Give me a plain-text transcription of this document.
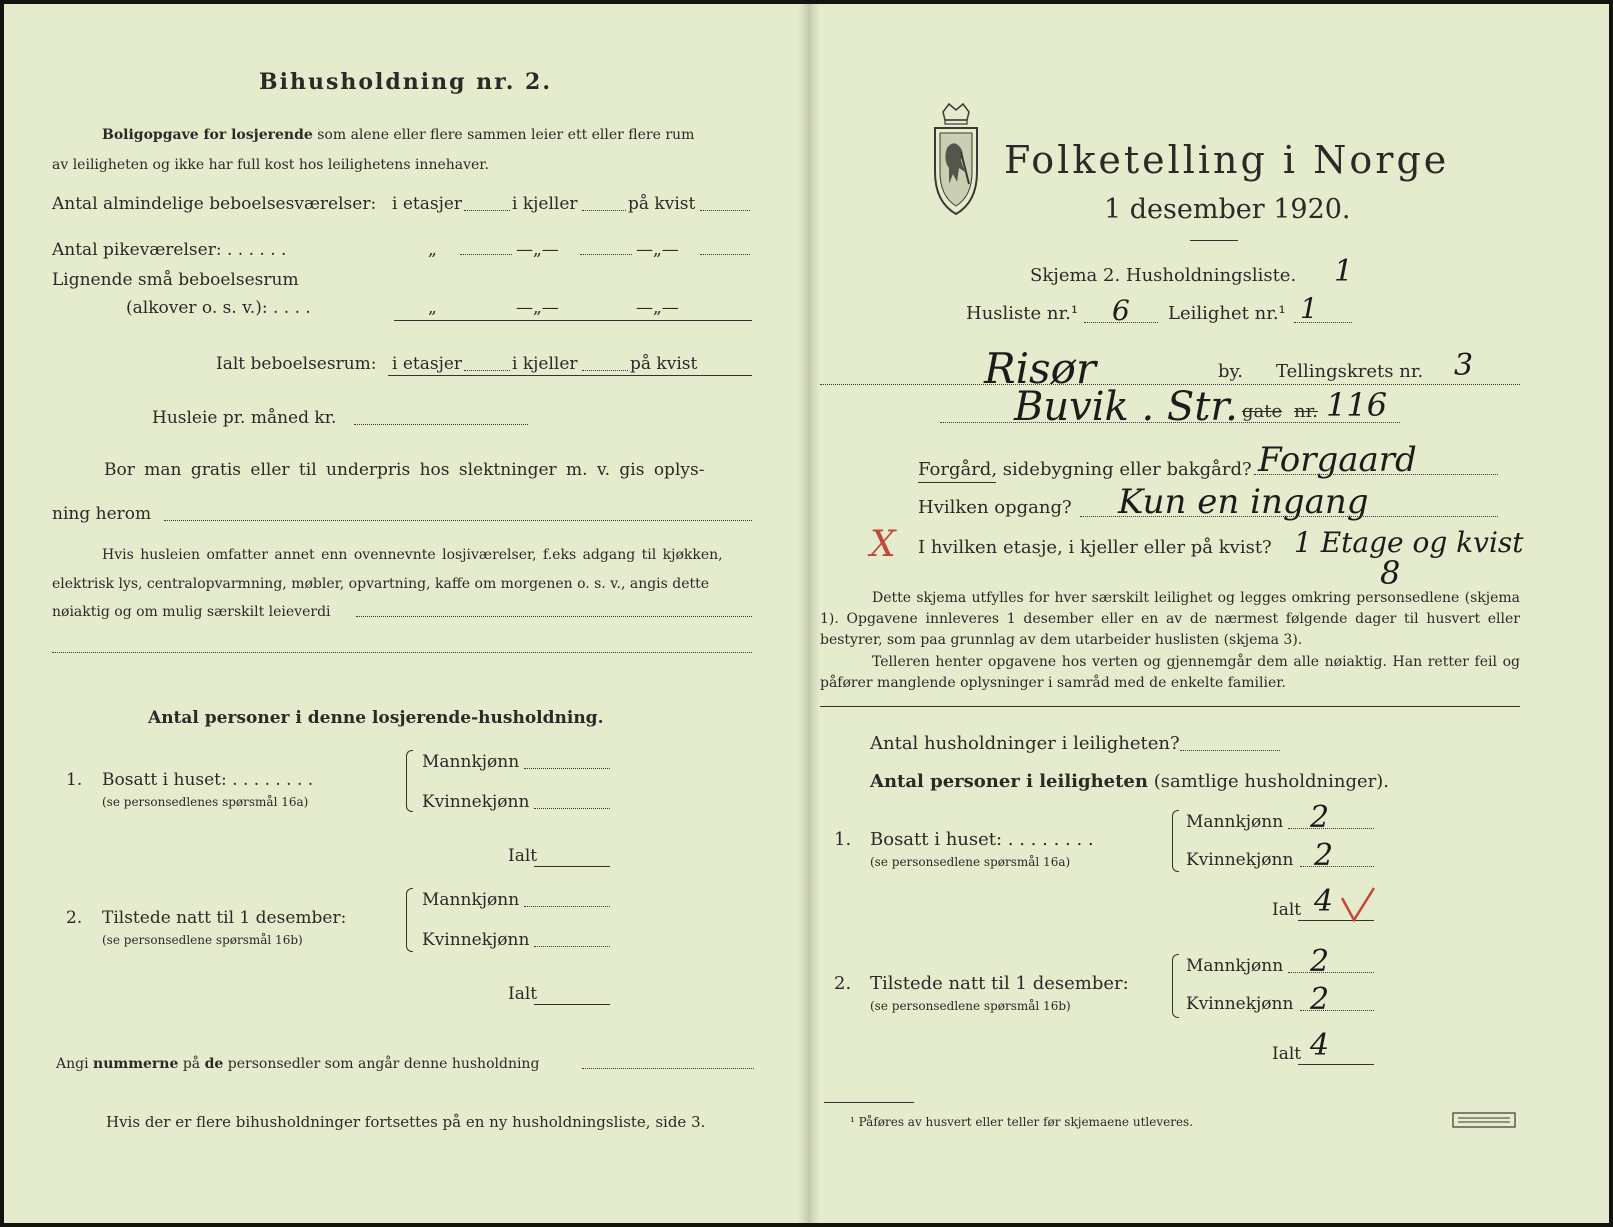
Bihusholdning nr. 2.
Boligopgave for losjerende som alene eller flere sammen leier ett eller flere rum
av leiligheten og ikke har full kost hos leilighetens innehaver.
Antal almindelige beboelsesværelser: i etasjer	i kjeller	på kvist
Antal pikeværelser: . . . . . .	„	—„—	—„—
Lignende små beboelsesrum
(alkover o. s. v.): . . . .	„	—„—	—„—
Ialt beboelsesrum: i etasjer	i kjeller	på kvist
Husleie pr. måned kr.
Bor man gratis eller til underpris hos slektninger m. v. gis oplys-
ning herom
Hvis husleien omfatter annet enn ovennevnte losjiværelser, f.eks adgang til kjøkken,
elektrisk lys, centralopvarmning, møbler, opvartning, kaffe om morgenen o. s. v., angis dette
nøiaktig og om mulig særskilt leieverdi
Antal personer i denne losjerende-husholdning.
1. Bosatt i huset: . . . . . . . .
(se personsedlenes spørsmål 16a)
Mannkjønn
Kvinnekjønn
Ialt
2. Tilstede natt til 1 desember:
(se personsedlene spørsmål 16b)
Mannkjønn
Kvinnekjønn
Ialt
Angi nummerne på de personsedler som angår denne husholdning
Hvis der er flere bihusholdninger fortsettes på en ny husholdningsliste, side 3.
Folketelling i Norge
1 desember 1920.
Skjema 2. Husholdningsliste. 1
Husliste nr.¹ 6 Leilighet nr.¹ 1
Risør	by. Tellingskrets nr. 3
Buvik . Str. gate nr. 116
Forgård, sidebygning eller bakgård? Forgaard
Hvilken opgang? Kun en ingang
X I hvilken etasje, i kjeller eller på kvist? 1 Etage og kvist
8
Dette skjema utfylles for hver særskilt leilighet og legges omkring personsedlene (skjema 1). Opgavene innleveres 1 desember eller en av de nærmest følgende dager til husvert eller bestyrer, som paa grunnlag av dem utarbeider huslisten (skjema 3).
Telleren henter opgavene hos verten og gjennemgår dem alle nøiaktig. Han retter feil og påfører manglende oplysninger i samråd med de enkelte familier.
Antal husholdninger i leiligheten?
Antal personer i leiligheten (samtlige husholdninger).
1. Bosatt i huset: . . . . . . . .
(se personsedlene spørsmål 16a)
Mannkjønn 2
Kvinnekjønn 2
Ialt 4
2. Tilstede natt til 1 desember:
(se personsedlene spørsmål 16b)
Mannkjønn 2
Kvinnekjønn 2
Ialt 4
¹ Påføres av husvert eller teller før skjemaene utleveres.
